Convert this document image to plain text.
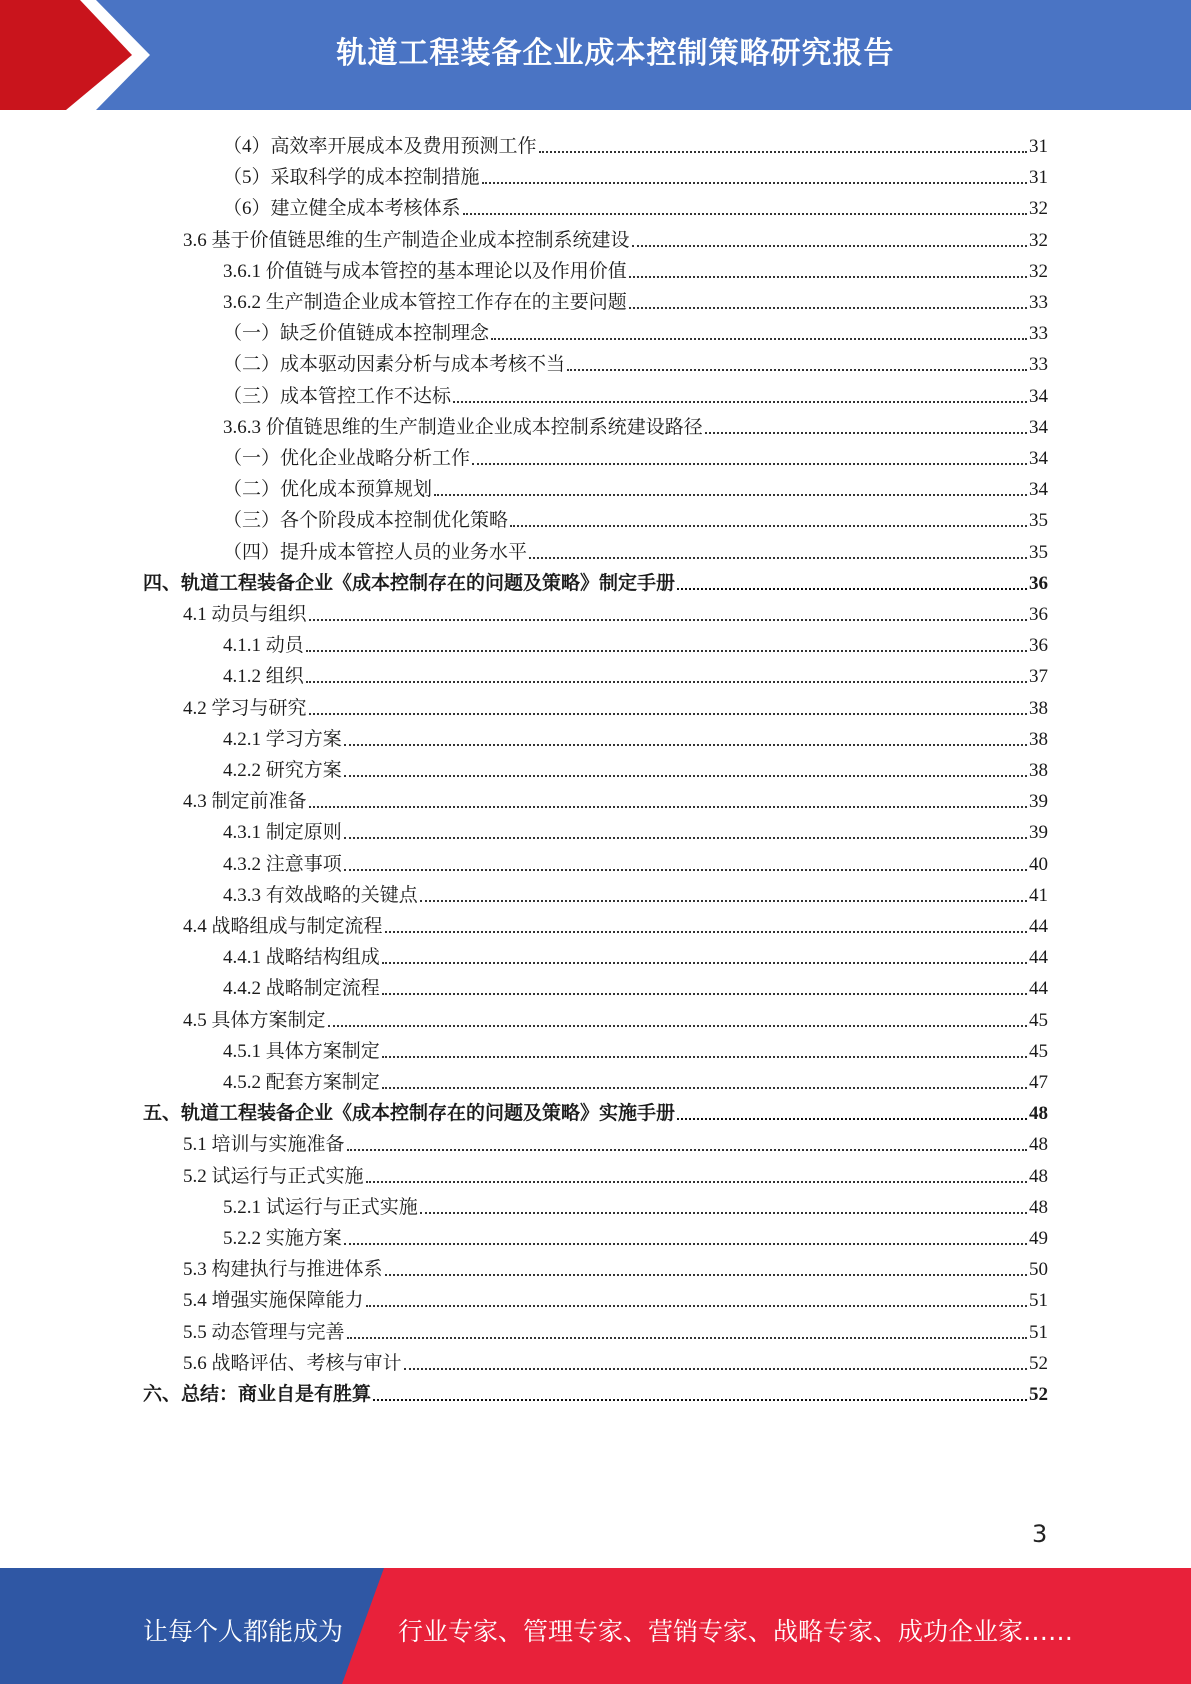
轨道工程装备企业成本控制策略研究报告
（4）高效率开展成本及费用预测工作	31
（5）采取科学的成本控制措施	31
（6）建立健全成本考核体系	32
3.6 基于价值链思维的生产制造企业成本控制系统建设	32
3.6.1 价值链与成本管控的基本理论以及作用价值	32
3.6.2 生产制造企业成本管控工作存在的主要问题	33
（一）缺乏价值链成本控制理念	33
（二）成本驱动因素分析与成本考核不当	33
（三）成本管控工作不达标	34
3.6.3 价值链思维的生产制造业企业成本控制系统建设路径	34
（一）优化企业战略分析工作	34
（二）优化成本预算规划	34
（三）各个阶段成本控制优化策略	35
（四）提升成本管控人员的业务水平	35
四、轨道工程装备企业《成本控制存在的问题及策略》制定手册	36
4.1 动员与组织	36
4.1.1 动员	36
4.1.2 组织	37
4.2 学习与研究	38
4.2.1 学习方案	38
4.2.2 研究方案	38
4.3 制定前准备	39
4.3.1 制定原则	39
4.3.2 注意事项	40
4.3.3 有效战略的关键点	41
4.4 战略组成与制定流程	44
4.4.1 战略结构组成	44
4.4.2 战略制定流程	44
4.5 具体方案制定	45
4.5.1 具体方案制定	45
4.5.2 配套方案制定	47
五、轨道工程装备企业《成本控制存在的问题及策略》实施手册	48
5.1 培训与实施准备	48
5.2 试运行与正式实施	48
5.2.1 试运行与正式实施	48
5.2.2 实施方案	49
5.3 构建执行与推进体系	50
5.4 增强实施保障能力	51
5.5 动态管理与完善	51
5.6 战略评估、考核与审计	52
六、总结：商业自是有胜算	52
3
让每个人都能成为 行业专家、管理专家、营销专家、战略专家、成功企业家……
